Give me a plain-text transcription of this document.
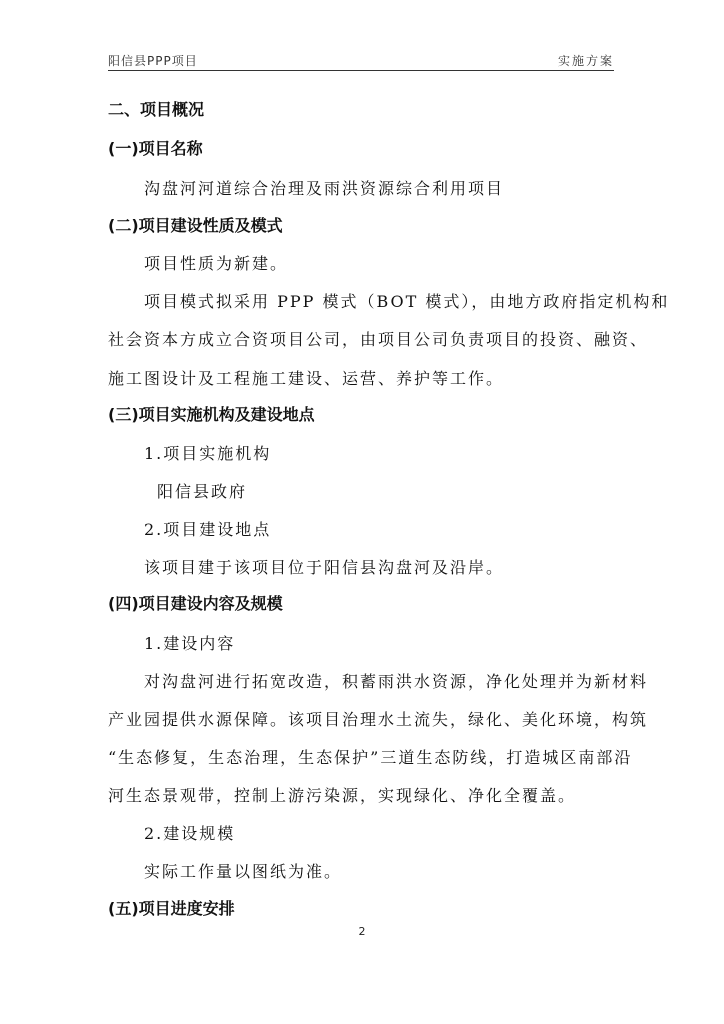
阳信县PPP项目	实施方案
二、项目概况
(一)项目名称
沟盘河河道综合治理及雨洪资源综合利用项目
(二)项目建设性质及模式
项目性质为新建。
项目模式拟采用 PPP 模式（BOT 模式），由地方政府指定机构和
社会资本方成立合资项目公司，由项目公司负责项目的投资、融资、
施工图设计及工程施工建设、运营、养护等工作。
(三)项目实施机构及建设地点
1.项目实施机构
阳信县政府
2.项目建设地点
该项目建于该项目位于阳信县沟盘河及沿岸。
(四)项目建设内容及规模
1.建设内容
对沟盘河进行拓宽改造，积蓄雨洪水资源，净化处理并为新材料
产业园提供水源保障。该项目治理水土流失，绿化、美化环境，构筑
“生态修复，生态治理，生态保护”三道生态防线，打造城区南部沿
河生态景观带，控制上游污染源，实现绿化、净化全覆盖。
2.建设规模
实际工作量以图纸为准。
(五)项目进度安排
2
